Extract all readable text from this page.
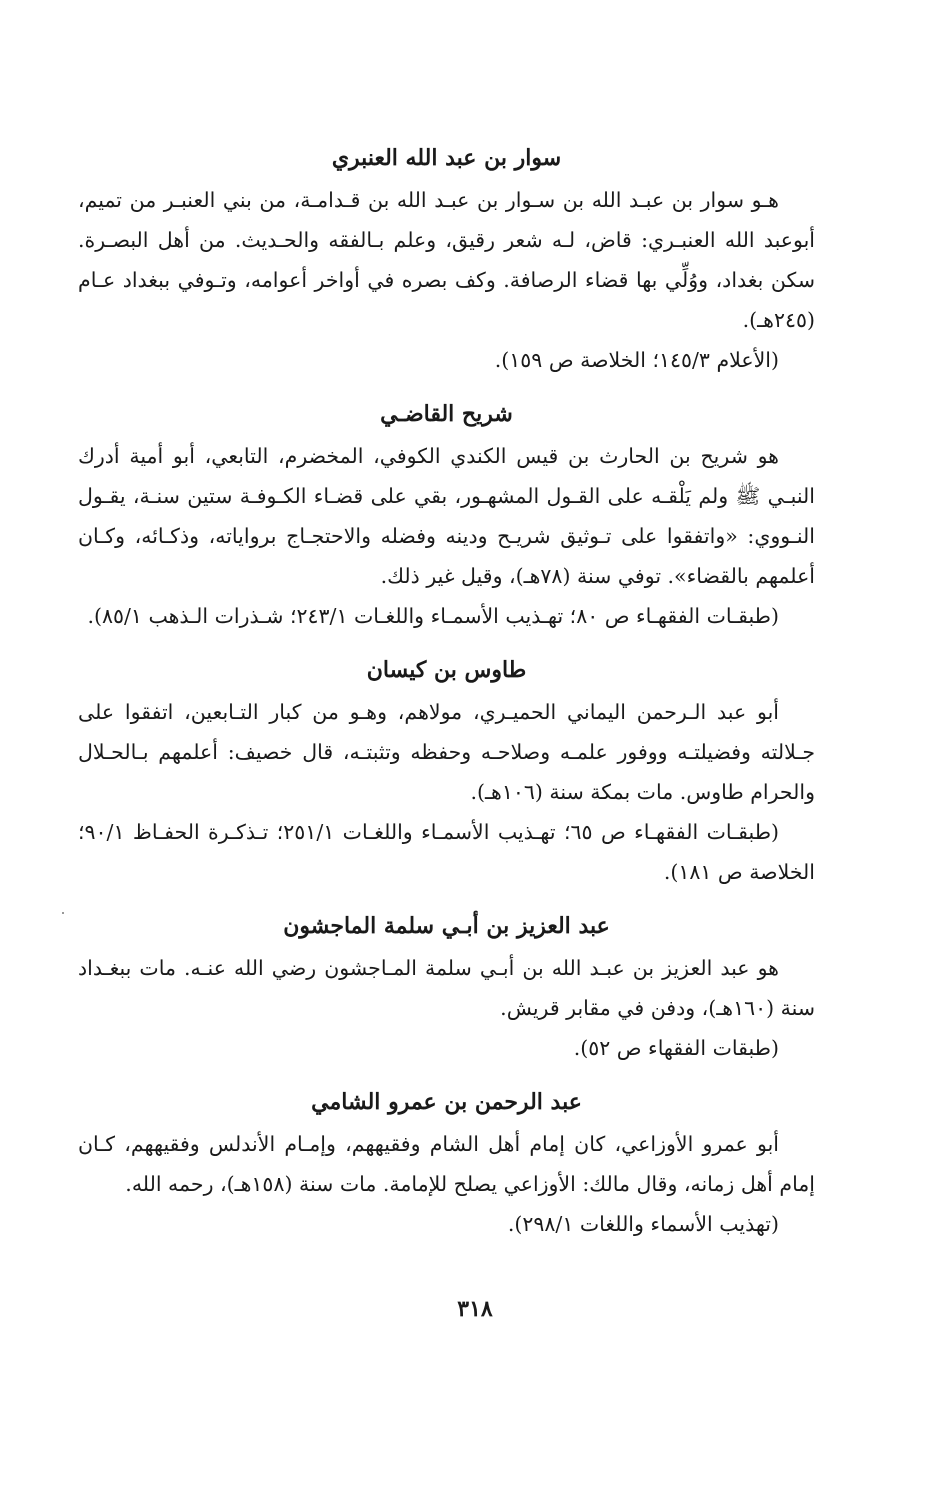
سوار بن عبد الله العنبري

هـو سوار بن عبـد الله بن سـوار بن عبـد الله بن قـدامـة، من بني العنبـر من تميم، أبوعبد الله العنبـري: قاض، لـه شعر رقيق، وعلم بـالفقه والحـديث. من أهل البصـرة. سكن بغداد، ووُلِّي بها قضاء الرصافة. وكف بصره في أواخر أعوامه، وتـوفي ببغداد عـام (٢٤٥هـ).

(الأعلام ١٤٥/٣؛ الخلاصة ص ١٥٩).

شريح القاضـي

هو شريح بن الحارث بن قيس الكندي الكوفي، المخضرم، التابعي، أبو أمية أدرك النبـي ﷺ ولم يَلْقـه على القـول المشهـور، بقي على قضـاء الكـوفـة ستين سنـة، يقـول النـووي: «واتفقوا على تـوثيق شريـح ودينه وفضله والاحتجـاج برواياته، وذكـائه، وكـان أعلمهم بالقضاء». توفي سنة (٧٨هـ)، وقيل غير ذلك.

(طبقـات الفقهـاء ص ٨٠؛ تهـذيب الأسمـاء واللغـات ٢٤٣/١؛ شـذرات الـذهب ٨٥/١).

طاوس بن كيسان

أبو عبد الـرحمن اليماني الحميـري، مولاهم، وهـو من كبار التـابعين، اتفقوا على جـلالته وفضيلتـه ووفور علمـه وصلاحـه وحفظه وتثبتـه، قال خصيف: أعلمهم بـالحـلال والحرام طاوس. مات بمكة سنة (١٠٦هـ).

(طبقـات الفقهـاء ص ٦٥؛ تهـذيب الأسمـاء واللغـات ٢٥١/١؛ تـذكـرة الحفـاظ ٩٠/١؛ الخلاصة ص ١٨١).

عبد العزيز بن أبـي سلمة الماجشون

هو عبد العزيز بن عبـد الله بن أبـي سلمة المـاجشون رضي الله عنـه. مات ببغـداد سنة (١٦٠هـ)، ودفن في مقابر قريش.

(طبقات الفقهاء ص ٥٢).

عبد الرحمن بن عمرو الشامي

أبو عمرو الأوزاعي، كان إمام أهل الشام وفقيههم، وإمـام الأندلس وفقيههم، كـان إمام أهل زمانه، وقال مالك: الأوزاعي يصلح للإمامة. مات سنة (١٥٨هـ)، رحمه الله.

(تهذيب الأسماء واللغات ٢٩٨/١).

٣١٨
